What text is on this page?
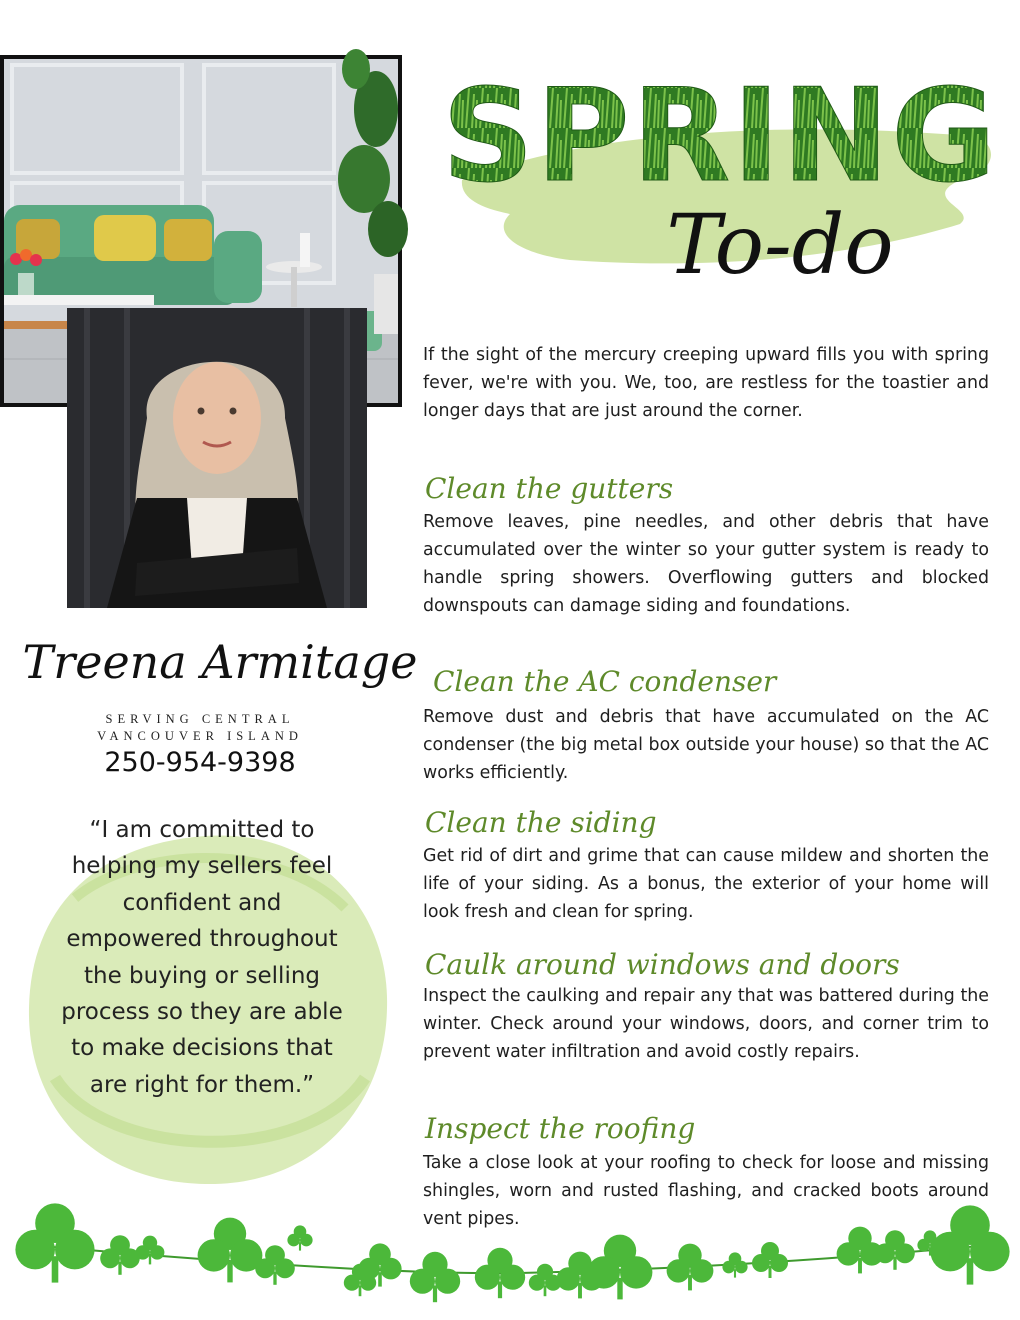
Treena Armitage
SERVING CENTRAL
VANCOUVER ISLAND
250-954-9398
“I am committed to helping my sellers feel confident and empowered throughout the buying or selling process so they are able to make decisions that are right for them.”
SPRING
To-do

If the sight of the mercury creeping upward fills you with spring fever, we're with you. We, too, are restless for the toastier and longer days that are just around the corner.

Clean the gutters

Remove leaves, pine needles, and other debris that have accumulated over the winter so your gutter system is ready to handle spring showers. Overflowing gutters and blocked downspouts can damage siding and foundations.

Clean the AC condenser

Remove dust and debris that have accumulated on the AC condenser (the big metal box outside your house) so that the AC works efficiently.

Clean the siding

Get rid of dirt and grime that can cause mildew and shorten the life of your siding. As a bonus, the exterior of your home will look fresh and clean for spring.

Caulk around windows and doors

Inspect the caulking and repair any that was battered during the winter. Check around your windows, doors, and corner trim to prevent water infiltration and avoid costly repairs.

Inspect the roofing

Take a close look at your roofing to check for loose and missing shingles, worn and rusted flashing, and cracked boots around vent pipes.
